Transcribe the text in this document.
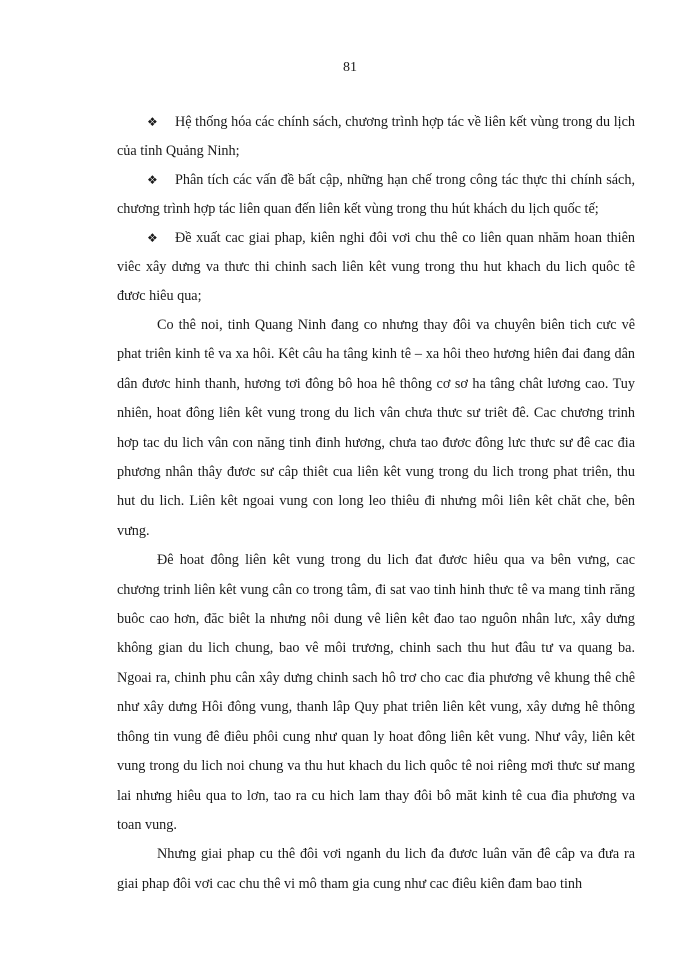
81
❖ Hệ thống hóa các chính sách, chương trình hợp tác về liên kết vùng trong du lịch của tỉnh Quảng Ninh;
❖ Phân tích các vấn đề bất cập, những hạn chế trong công tác thực thi chính sách, chương trình hợp tác liên quan đến liên kết vùng trong thu hút khách du lịch quốc tế;
❖ Đề xuất cac giai phap, kiên nghi đôi vơi chu thê co liên quan nhăm hoan thiên viêc xây dưng va thưc thi chinh sach liên kêt vung trong thu hut khach du lich quôc tê đươc hiêu qua;

Co thê noi, tinh Quang Ninh đang co nhưng thay đôi va chuyên biên tich cưc vê phat triên kinh tê va xa hôi. Kêt câu ha tâng kinh tê – xa hôi theo hương hiên đai đang dân dân đươc hinh thanh, hương tơi đông bô hoa hê thông cơ sơ ha tâng chât lương cao. Tuy nhiên, hoat đông liên kêt vung trong du lich vân chưa thưc sư triêt đê. Cac chương trinh hơp tac du lich vân con năng tinh đinh hương, chưa tao đươc đông lưc thưc sư đê cac đia phương nhân thây đươc sư câp thiêt cua liên kêt vung trong du lich trong phat triên, thu hut du lich. Liên kêt ngoai vung con long leo thiêu đi nhưng môi liên kêt chăt che, bên vưng.

Đê hoat đông liên kêt vung trong du lich đat đươc hiêu qua va bên vưng, cac chương trinh liên kêt vung cân co trong tâm, đi sat vao tinh hinh thưc tê va mang tinh răng buôc cao hơn, đăc biêt la nhưng nôi dung vê liên kêt đao tao nguôn nhân lưc, xây dưng không gian du lich chung, bao vê môi trương, chinh sach thu hut đâu tư va quang ba. Ngoai ra, chinh phu cân xây dưng chinh sach hô trơ cho cac đia phương vê khung thê chê như xây dưng Hôi đông vung, thanh lâp Quy phat triên liên kêt vung, xây dưng hê thông thông tin vung đê điêu phôi cung như quan ly hoat đông liên kêt vung. Như vây, liên kêt vung trong du lich noi chung va thu hut khach du lich quôc tê noi riêng mơi thưc sư mang lai nhưng hiêu qua to lơn, tao ra cu hich lam thay đôi bô măt kinh tê cua đia phương va toan vung.

Nhưng giai phap cu thê đôi vơi nganh du lich đa đươc luân văn đê câp va đưa ra giai phap đôi vơi cac chu thê vi mô tham gia cung như cac điêu kiên đam bao tinh
